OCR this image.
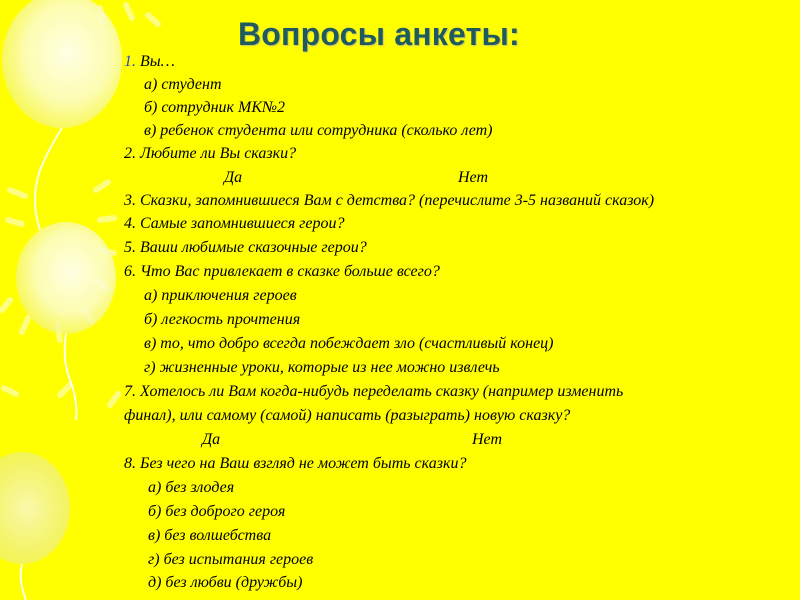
Вопросы анкеты:
1. Вы…
а) студент
б) сотрудник МК№2
в) ребенок студента или сотрудника (сколько лет)
2. Любите ли Вы сказки?
Да	Нет
3. Сказки, запомнившиеся Вам с детства? (перечислите 3-5 названий сказок)
4. Самые запомнившиеся герои?
5. Ваши любимые сказочные герои?
6. Что Вас привлекает в сказке больше всего?
а) приключения героев
б) легкость прочтения
в) то, что добро всегда побеждает зло (счастливый конец)
г) жизненные уроки, которые из нее можно извлечь
7. Хотелось ли Вам когда-нибудь переделать сказку (например изменить
финал), или самому (самой) написать (разыграть) новую сказку?
Да	Нет
8. Без чего на Ваш взгляд не может быть сказки?
а) без злодея
б) без доброго героя
в) без волшебства
г) без испытания героев
д) без любви (дружбы)
